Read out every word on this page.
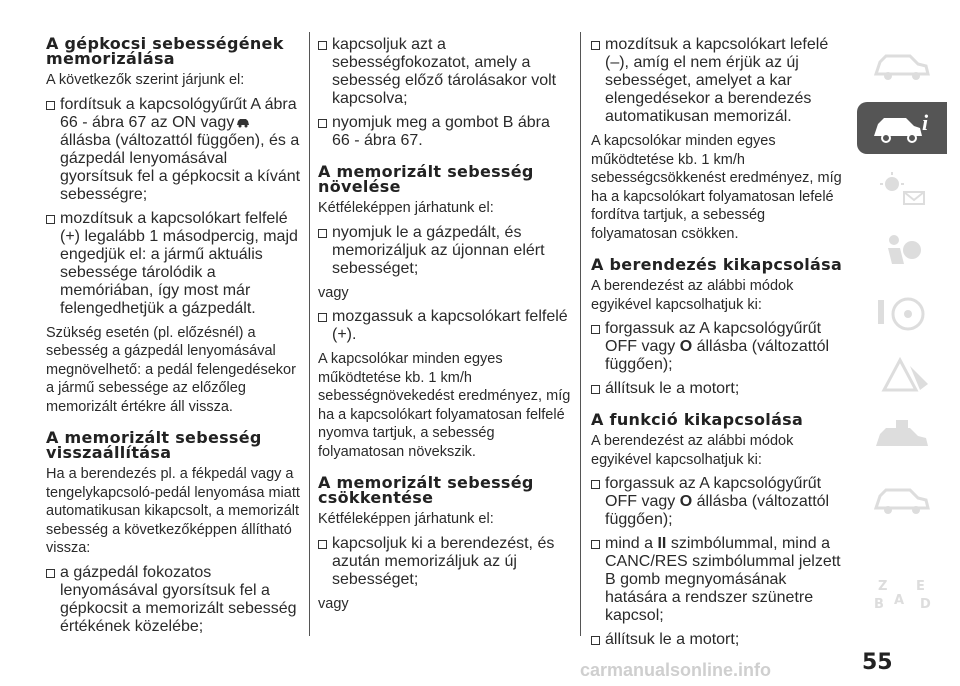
A gépkocsi sebességének memorizálása

A következők szerint járjunk el:

fordítsuk a kapcsológyűrűt A ábra 66 - ábra 67 az ON vagyállásba (változattól függően), és a gázpedál lenyomásával gyorsítsuk fel a gépkocsit a kívánt sebességre;
mozdítsuk a kapcsolókart felfelé (+) legalább 1 másodpercig, majd engedjük el: a jármű aktuális sebessége tárolódik a memóriában, így most már felengedhetjük a gázpedált.

Szükség esetén (pl. előzésnél) a sebesség a gázpedál lenyomásával megnövelhető: a pedál felengedésekor a jármű sebessége az előzőleg memorizált értékre áll vissza.

A memorizált sebesség visszaállítása

Ha a berendezés pl. a fékpedál vagy a tengelykapcsoló-pedál lenyomása miatt automatikusan kikapcsolt, a memorizált sebesség a következőképpen állítható vissza:

a gázpedál fokozatos lenyomásával gyorsítsuk fel a gépkocsit a memorizált sebesség értékének közelébe;
kapcsoljuk azt a sebességfokozatot, amely a sebesség előző tárolásakor volt kapcsolva;
nyomjuk meg a gombot B ábra 66 - ábra 67.
A memorizált sebesség növelése

Kétféleképpen járhatunk el:

nyomjuk le a gázpedált, és memorizáljuk az újonnan elért sebességet;

vagy

mozgassuk a kapcsolókart felfelé (+).

A kapcsolókar minden egyes működtetése kb. 1 km/h sebességnövekedést eredményez, míg ha a kapcsolókart folyamatosan felfelé nyomva tartjuk, a sebesség folyamatosan növekszik.

A memorizált sebesség csökkentése

Kétféleképpen járhatunk el:

kapcsoljuk ki a berendezést, és azután memorizáljuk az új sebességet;

vagy

mozdítsuk a kapcsolókart lefelé (–), amíg el nem érjük az új sebességet, amelyet a kar elengedésekor a berendezés automatikusan memorizál.

A kapcsolókar minden egyes működtetése kb. 1 km/h sebességcsökkenést eredményez, míg ha a kapcsolókart folyamatosan lefelé fordítva tartjuk, a sebesség folyamatosan csökken.

A berendezés kikapcsolása

A berendezést az alábbi módok egyikével kapcsolhatjuk ki:

forgassuk az A kapcsológyűrűt OFF vagy O állásba (változattól függően);
állítsuk le a motort;
A funkció kikapcsolása

A berendezést az alábbi módok egyikével kapcsolhatjuk ki:

forgassuk az A kapcsológyűrűt OFF vagy O állásba (változattól függően);
mind a II szimbólummal, mind a CANC/RES szimbólummal jelzett B gomb megnyomásának hatására a rendszer szünetre kapcsol;
állítsuk le a motort;
i
Z E
B A D
55
carmanualsonline.info
